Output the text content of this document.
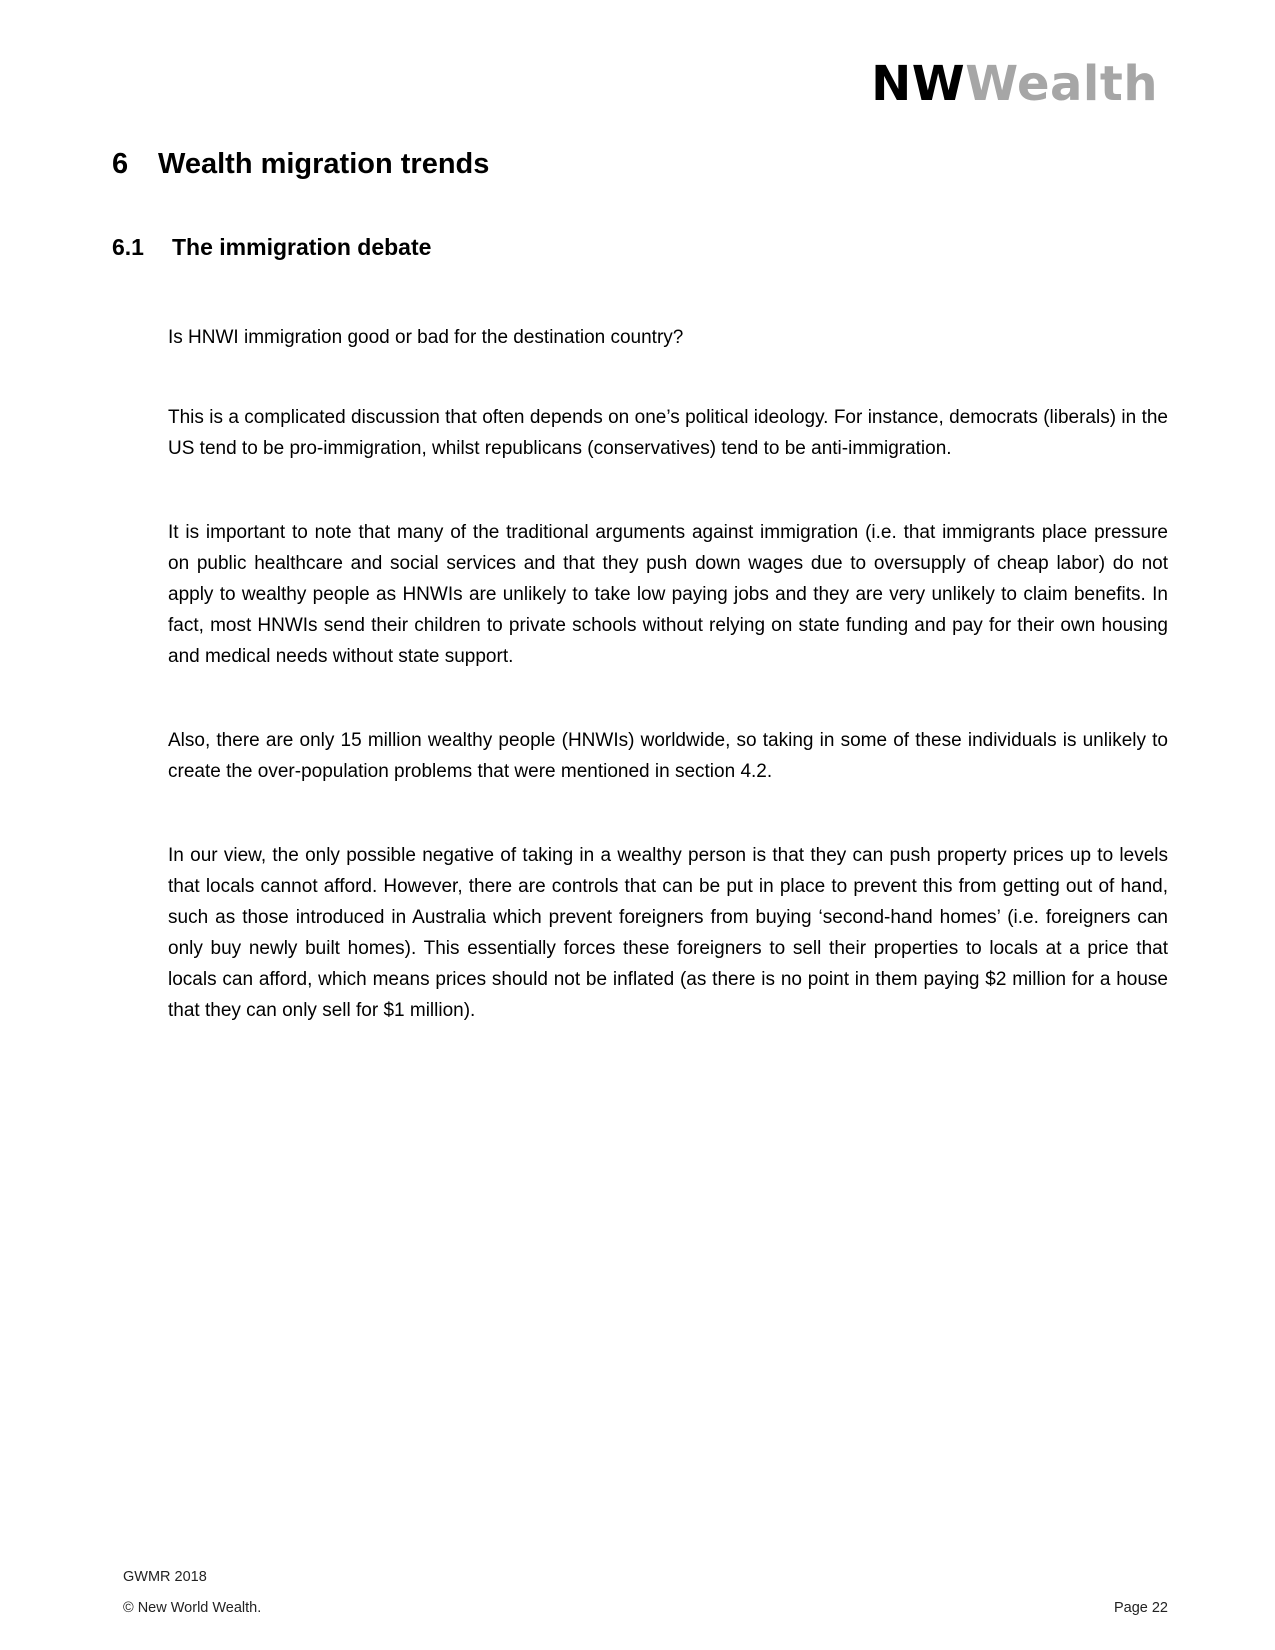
NWWealth
6 Wealth migration trends
6.1 The immigration debate

Is HNWI immigration good or bad for the destination country?

This is a complicated discussion that often depends on one’s political ideology. For instance, democrats (liberals) in the US tend to be pro-immigration, whilst republicans (conservatives) tend to be anti-immigration.

It is important to note that many of the traditional arguments against immigration (i.e. that immigrants place pressure on public healthcare and social services and that they push down wages due to oversupply of cheap labor) do not apply to wealthy people as HNWIs are unlikely to take low paying jobs and they are very unlikely to claim benefits. In fact, most HNWIs send their children to private schools without relying on state funding and pay for their own housing and medical needs without state support.

Also, there are only 15 million wealthy people (HNWIs) worldwide, so taking in some of these individuals is unlikely to create the over-population problems that were mentioned in section 4.2.

In our view, the only possible negative of taking in a wealthy person is that they can push property prices up to levels that locals cannot afford. However, there are controls that can be put in place to prevent this from getting out of hand, such as those introduced in Australia which prevent foreigners from buying ‘second-hand homes’ (i.e. foreigners can only buy newly built homes). This essentially forces these foreigners to sell their properties to locals at a price that locals can afford, which means prices should not be inflated (as there is no point in them paying $2 million for a house that they can only sell for $1 million).

GWMR 2018
© New World Wealth.	Page 22
